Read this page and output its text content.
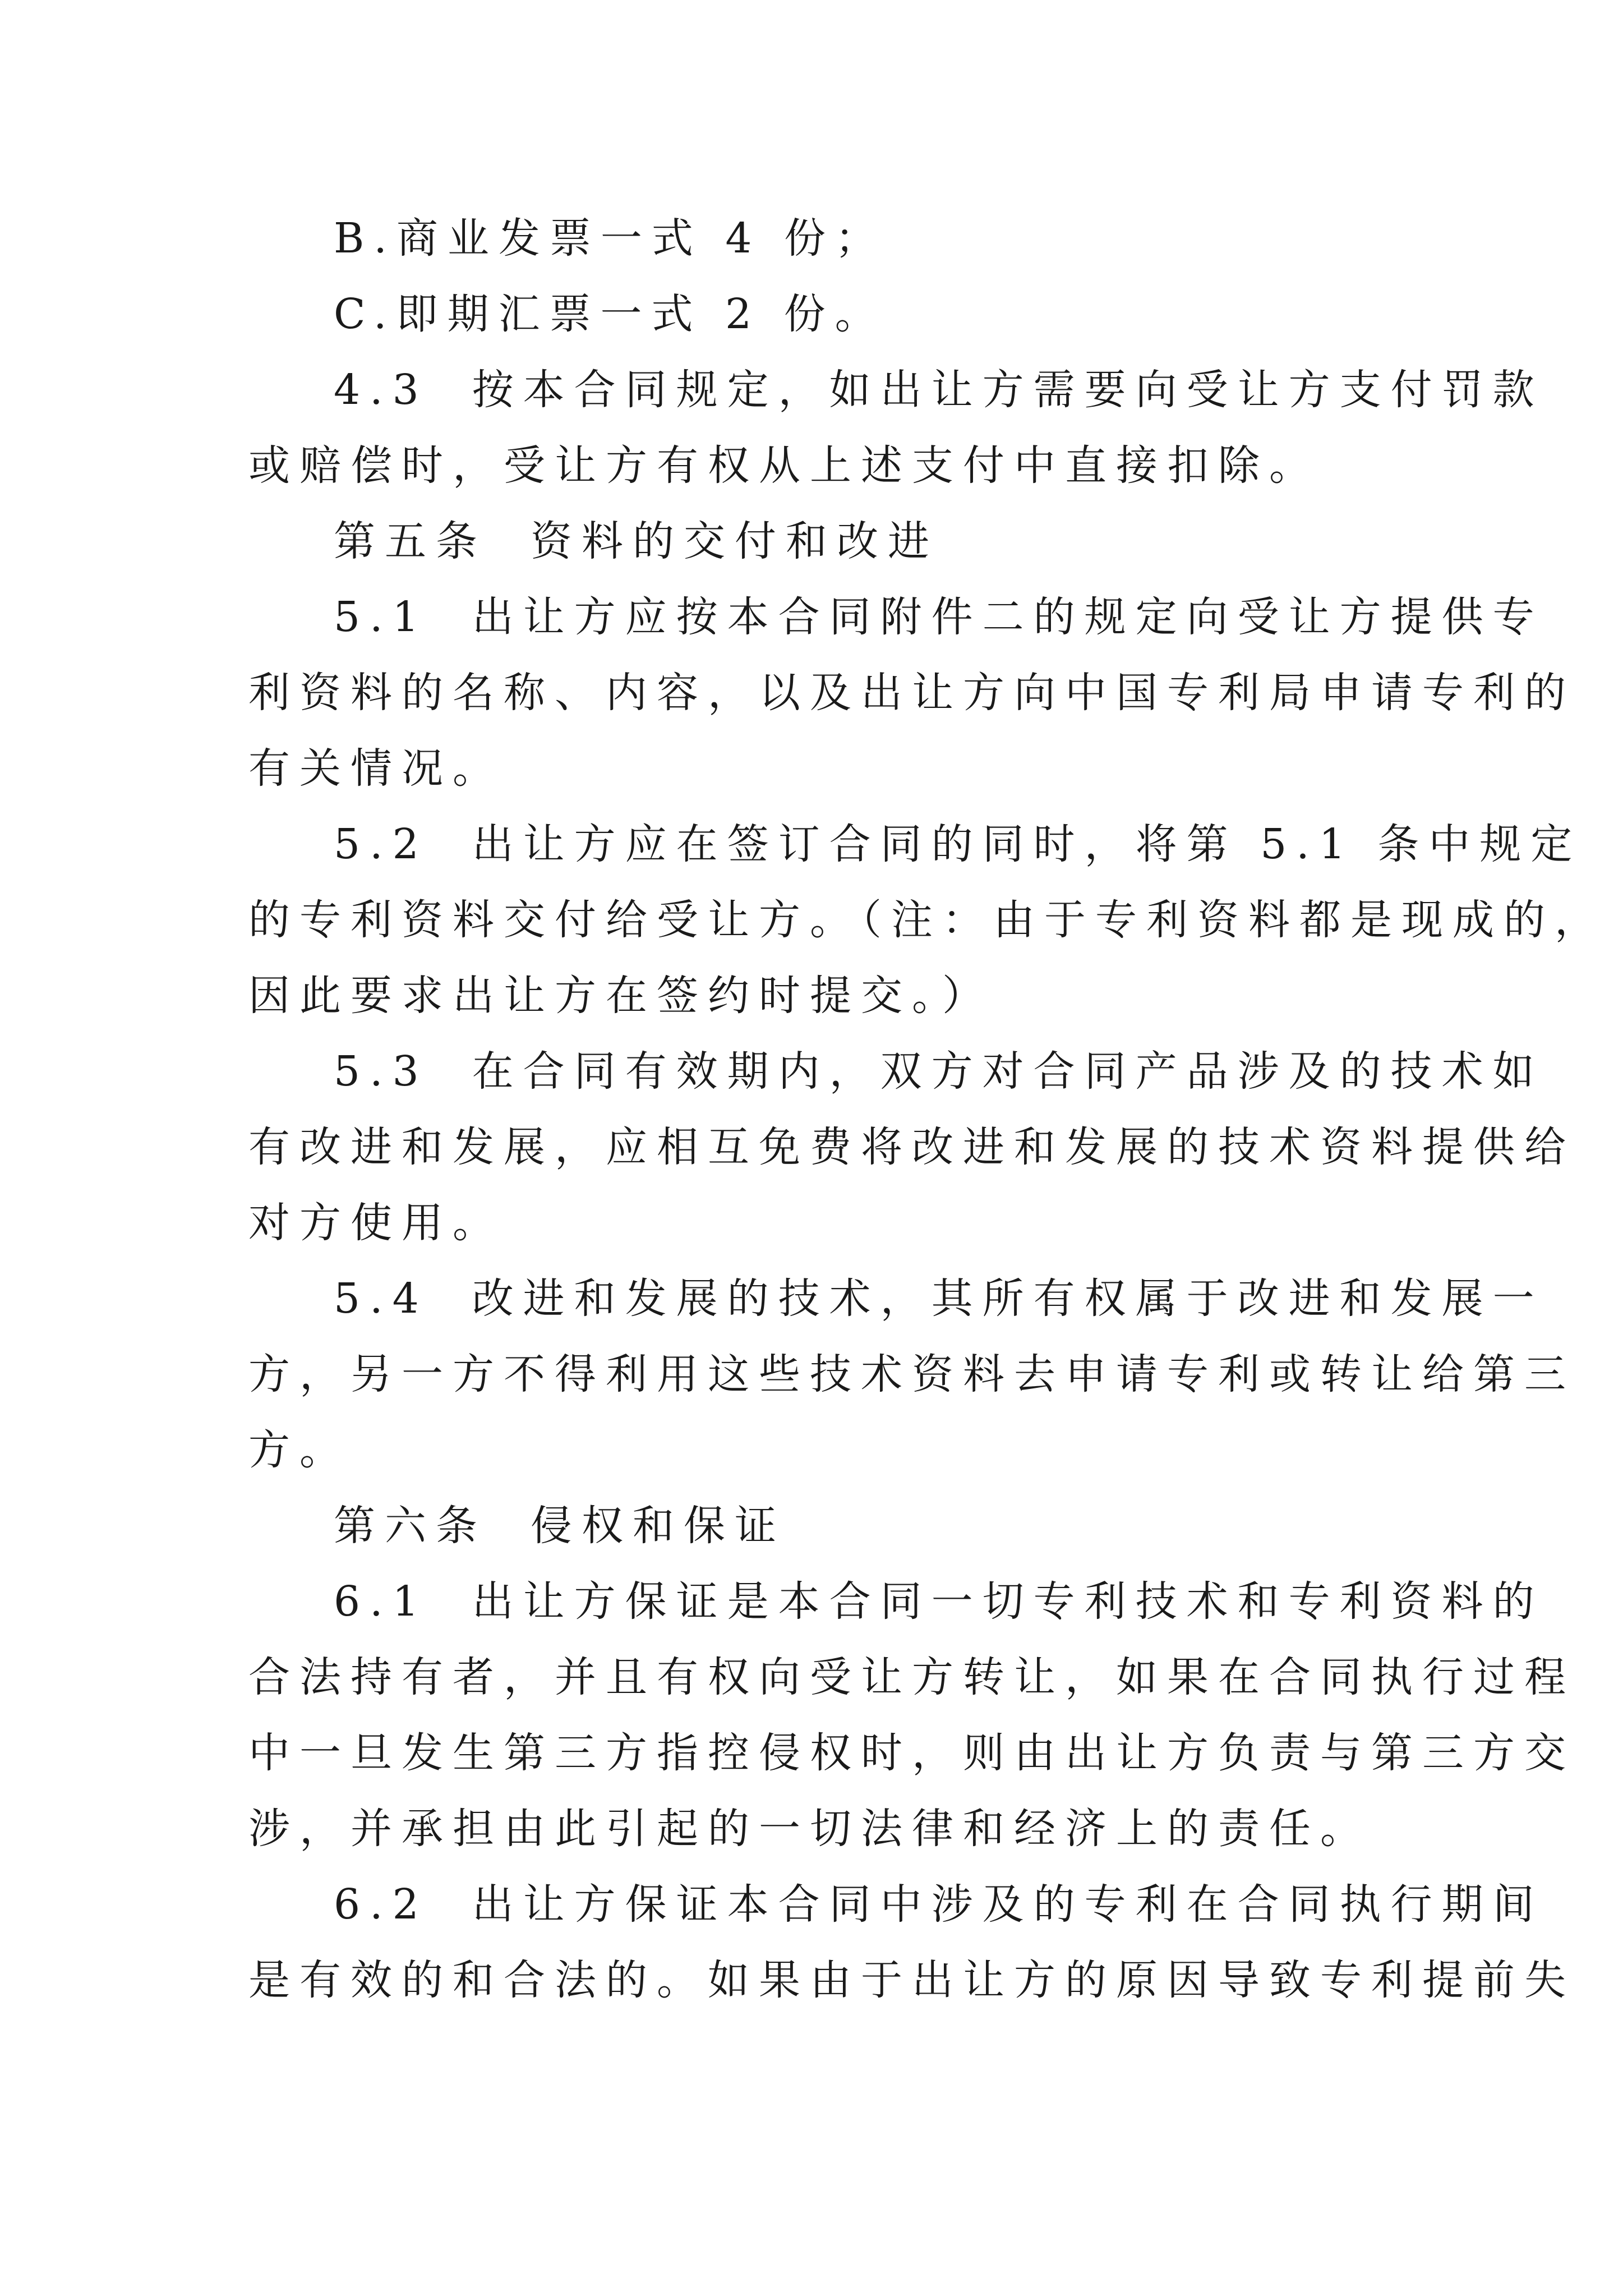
B.商业发票一式 4 份；

C.即期汇票一式 2 份。

4.3 按本合同规定，如出让方需要向受让方支付罚款

或赔偿时，受让方有权从上述支付中直接扣除。

第五条 资料的交付和改进

5.1 出让方应按本合同附件二的规定向受让方提供专

利资料的名称、内容，以及出让方向中国专利局申请专利的

有关情况。

5.2 出让方应在签订合同的同时，将第 5.1 条中规定

的专利资料交付给受让方。（注：由于专利资料都是现成的，

因此要求出让方在签约时提交。）

5.3 在合同有效期内，双方对合同产品涉及的技术如

有改进和发展，应相互免费将改进和发展的技术资料提供给

对方使用。

5.4 改进和发展的技术，其所有权属于改进和发展一

方，另一方不得利用这些技术资料去申请专利或转让给第三

方。

第六条 侵权和保证

6.1 出让方保证是本合同一切专利技术和专利资料的

合法持有者，并且有权向受让方转让，如果在合同执行过程

中一旦发生第三方指控侵权时，则由出让方负责与第三方交

涉，并承担由此引起的一切法律和经济上的责任。

6.2 出让方保证本合同中涉及的专利在合同执行期间

是有效的和合法的。如果由于出让方的原因导致专利提前失
